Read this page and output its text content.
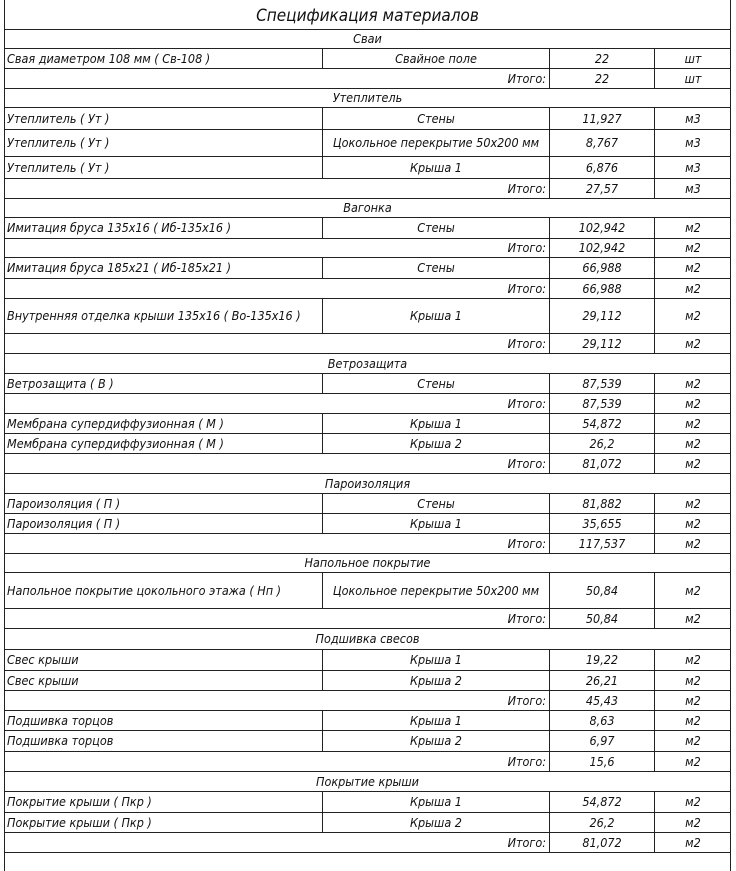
Спецификация материалов
Сваи
Свая диаметром 108 мм ( Св-108 )	Свайное поле	22	шт
Итого:	22	шт
Утеплитель
Утеплитель ( Ут )	Стены	11,927	м3
Утеплитель ( Ут )	Цокольное перекрытие 50х200 мм	8,767	м3
Утеплитель ( Ут )	Крыша 1	6,876	м3
Итого:	27,57	м3
Вагонка
Имитация бруса 135х16 ( Иб-135х16 )	Стены	102,942	м2
Итого:	102,942	м2
Имитация бруса 185х21 ( Иб-185х21 )	Стены	66,988	м2
Итого:	66,988	м2
Внутренняя отделка крыши 135х16 ( Во-135х16 )	Крыша 1	29,112	м2
Итого:	29,112	м2
Ветрозащита
Ветрозащита ( В )	Стены	87,539	м2
Итого:	87,539	м2
Мембрана супердиффузионная ( М )	Крыша 1	54,872	м2
Мембрана супердиффузионная ( М )	Крыша 2	26,2	м2
Итого:	81,072	м2
Пароизоляция
Пароизоляция ( П )	Стены	81,882	м2
Пароизоляция ( П )	Крыша 1	35,655	м2
Итого:	117,537	м2
Напольное покрытие
Напольное покрытие цокольного этажа ( Нп )	Цокольное перекрытие 50х200 мм	50,84	м2
Итого:	50,84	м2
Подшивка свесов
Свес крыши	Крыша 1	19,22	м2
Свес крыши	Крыша 2	26,21	м2
Итого:	45,43	м2
Подшивка торцов	Крыша 1	8,63	м2
Подшивка торцов	Крыша 2	6,97	м2
Итого:	15,6	м2
Покрытие крыши
Покрытие крыши ( Пкр )	Крыша 1	54,872	м2
Покрытие крыши ( Пкр )	Крыша 2	26,2	м2
Итого:	81,072	м2
